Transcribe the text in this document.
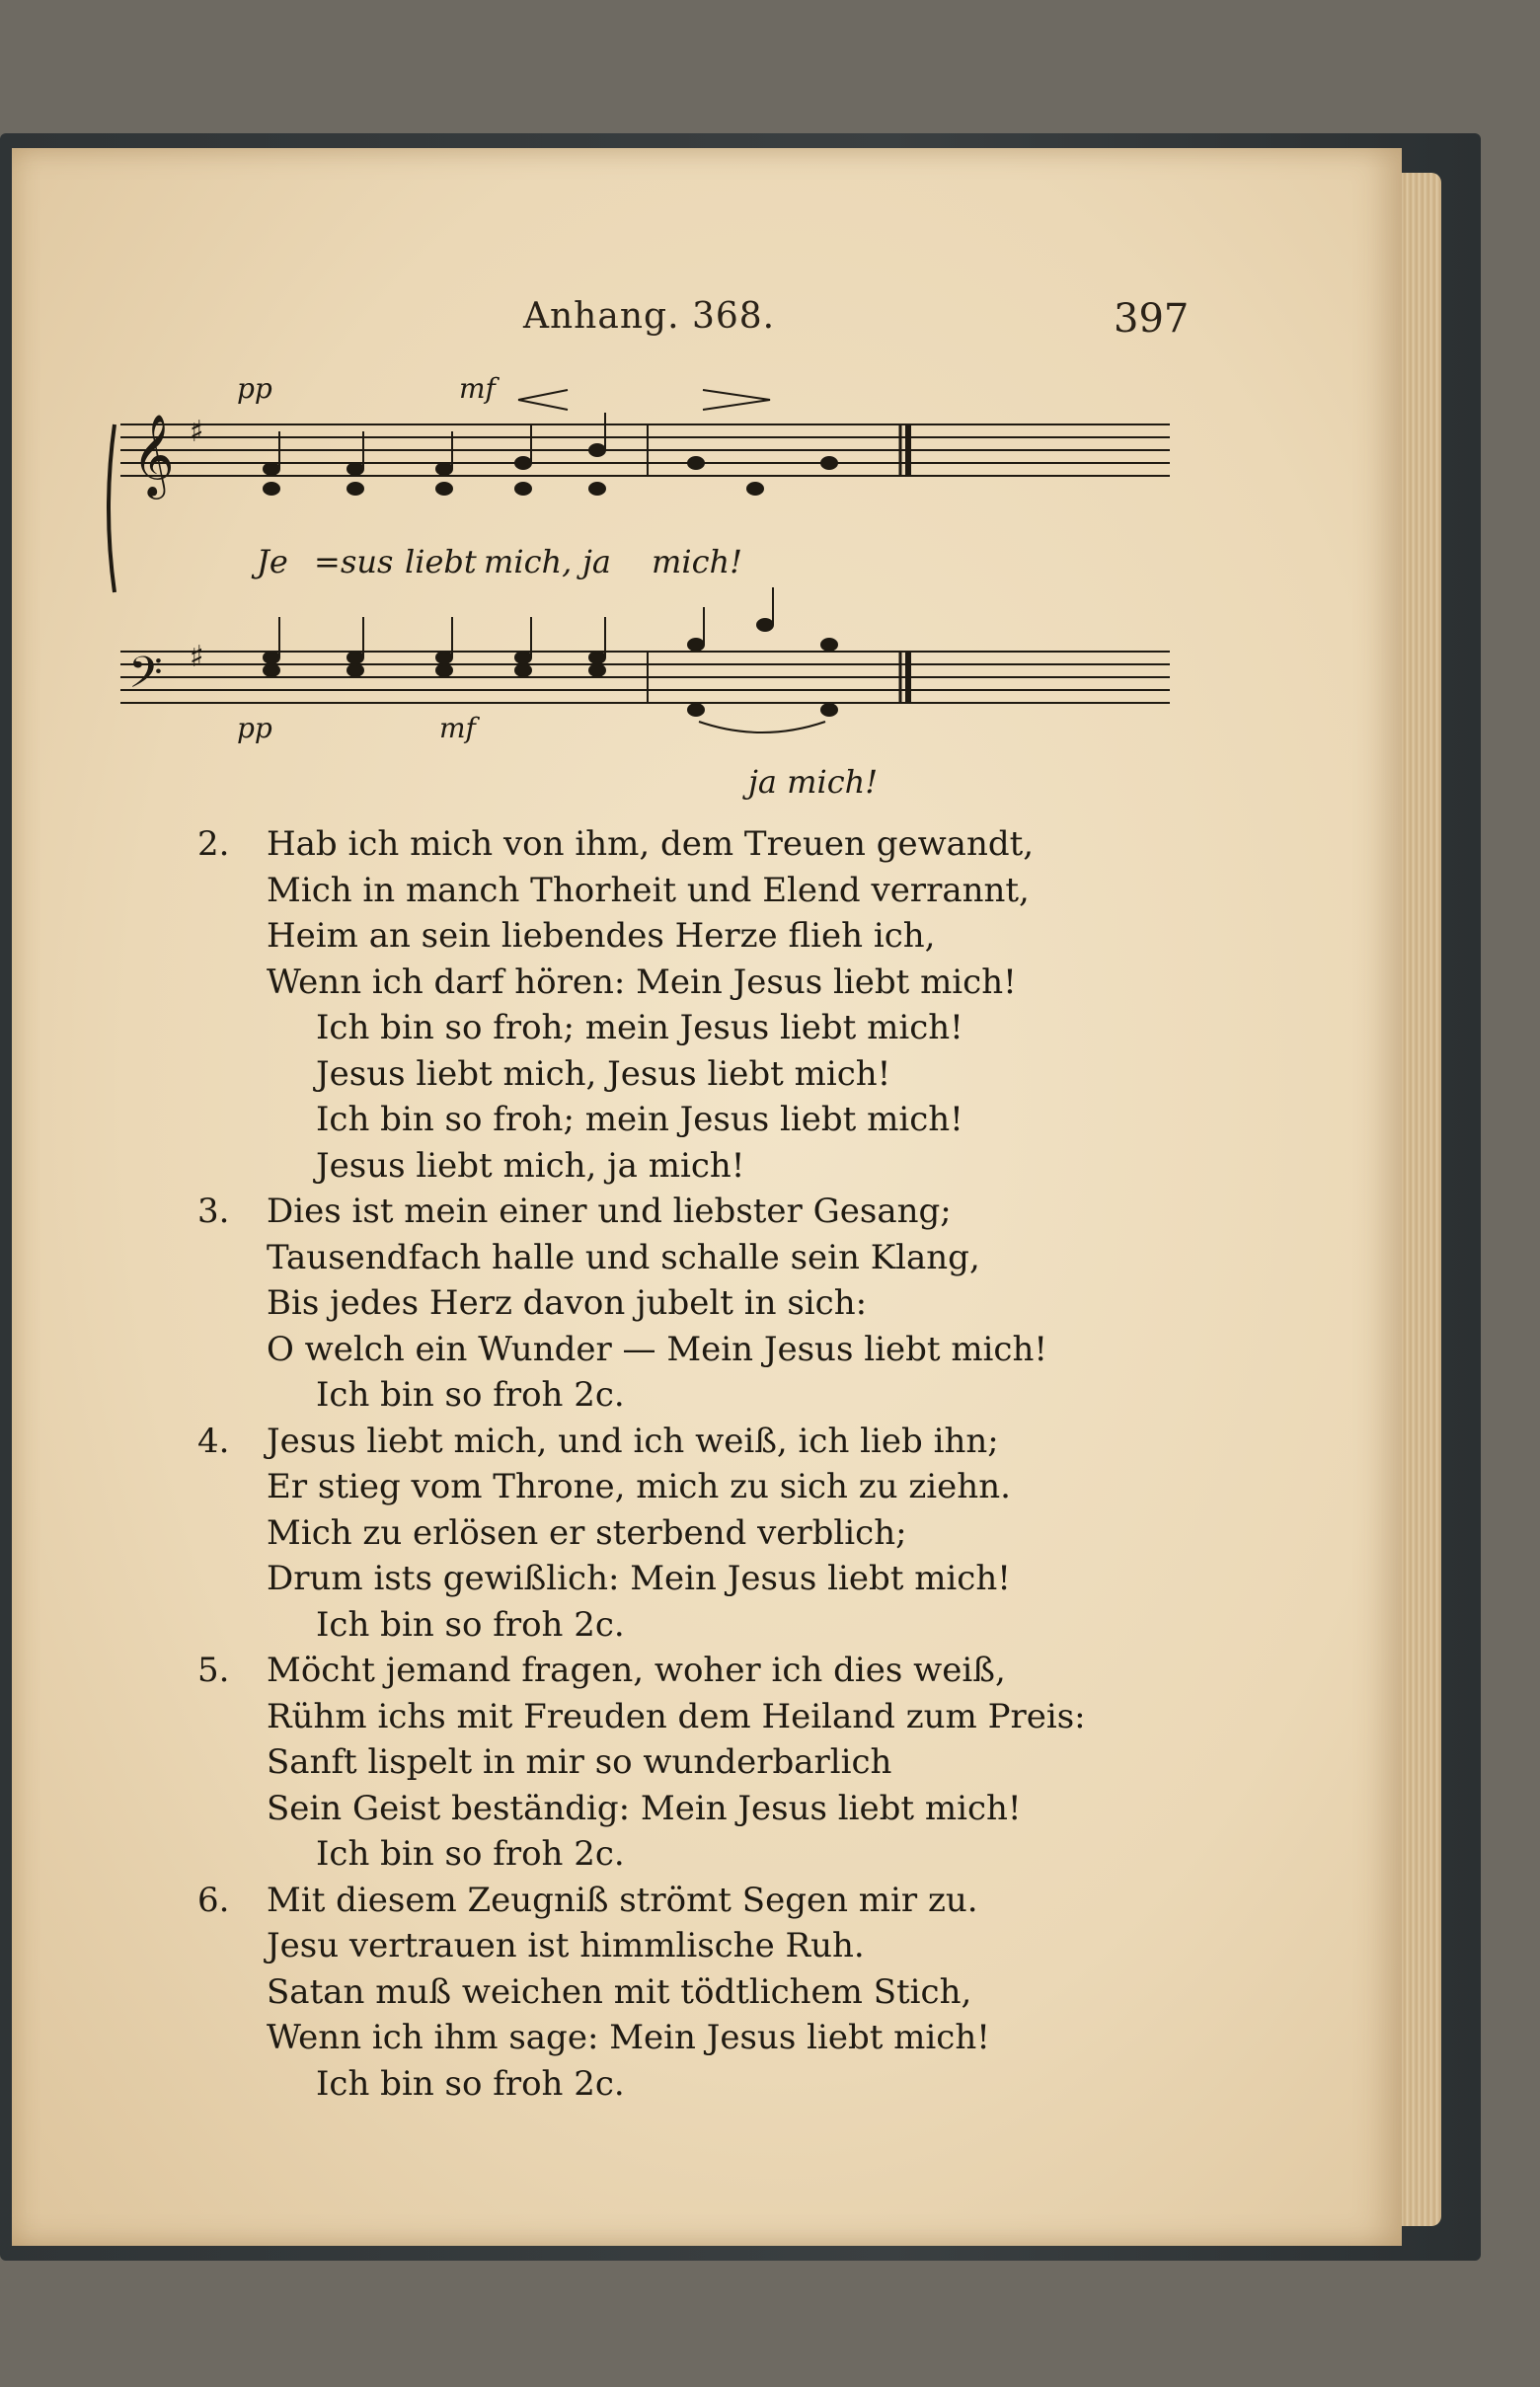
Anhang. 368.	397
𝄞
𝄢
♯
♯
pp	mf
pp	mf
Je = sus liebt mich, ja mich!
ja mich!
2. Hab ich mich von ihm, dem Treuen gewandt,
Mich in manch Thorheit und Elend verrannt,
Heim an sein liebendes Herze flieh ich,
Wenn ich darf hören: Mein Jesus liebt mich!
Ich bin so froh; mein Jesus liebt mich!
Jesus liebt mich, Jesus liebt mich!
Ich bin so froh; mein Jesus liebt mich!
Jesus liebt mich, ja mich!
3. Dies ist mein einer und liebster Gesang;
Tausendfach halle und schalle sein Klang,
Bis jedes Herz davon jubelt in sich:
O welch ein Wunder — Mein Jesus liebt mich!
Ich bin so froh 2c.
4. Jesus liebt mich, und ich weiß, ich lieb ihn;
Er stieg vom Throne, mich zu sich zu ziehn.
Mich zu erlösen er sterbend verblich;
Drum ists gewißlich: Mein Jesus liebt mich!
Ich bin so froh 2c.
5. Möcht jemand fragen, woher ich dies weiß,
Rühm ichs mit Freuden dem Heiland zum Preis:
Sanft lispelt in mir so wunderbarlich
Sein Geist beständig: Mein Jesus liebt mich!
Ich bin so froh 2c.
6. Mit diesem Zeugniß strömt Segen mir zu.
Jesu vertrauen ist himmlische Ruh.
Satan muß weichen mit tödtlichem Stich,
Wenn ich ihm sage: Mein Jesus liebt mich!
Ich bin so froh 2c.
